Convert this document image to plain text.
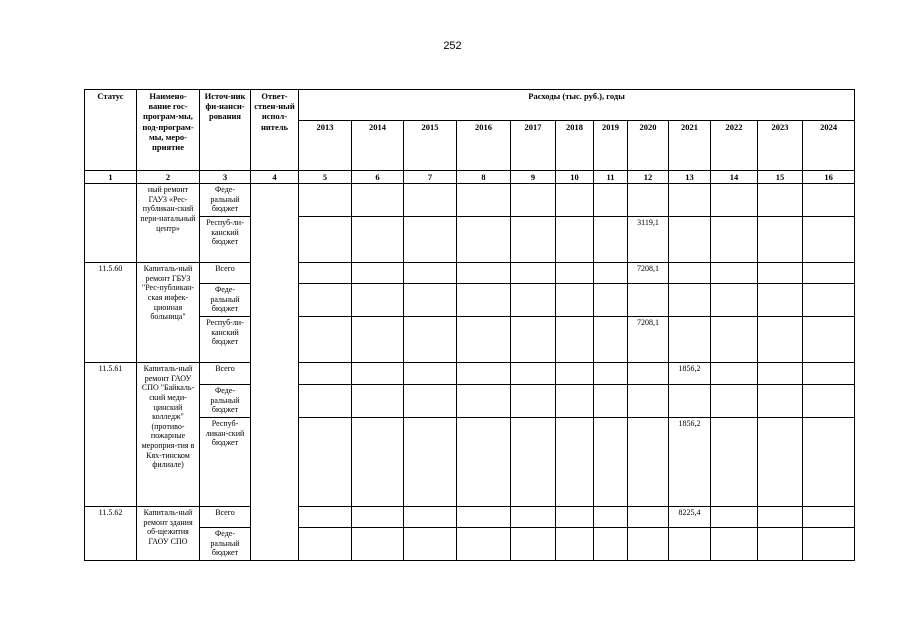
252
Статус	Наимено-вание гос-програм-мы, под-програм-мы, меро-приятие	Источ-ник фи-нанси-рования	Ответ-ствен-ный испол-нитель	Расходы (тыс. руб.), годы											
				2013	2014	2015	2016	2017	2018	2019	2020	2021	2022	2023	2024
1	2	3	4	5	6	7	8	9	10	11	12	13	14	15	16
	ный ремонт ГАУЗ «Рес-публикан-ский пери-натальный центр»	Феде-ральный бюджет													
		Респуб-ли-канский бюджет									3119,1				
11.5.60	Капиталь-ный ремонт ГБУЗ "Рес-публикан-ская инфек-ционная больница"	Всего									7208,1				
		Феде-ральный бюджет													
		Респуб-ли-канский бюджет									7208,1				
11.5.61	Капиталь-ный ремонт ГАОУ СПО "Байкаль-ский меди-цинский колледж" (противо-пожарные мероприя-тия в Кях-тинском филиале)	Всего										1856,2			
		Феде-ральный бюджет													
		Респуб-ликан-ский бюджет										1856,2			
11.5.62	Капиталь-ный ремонт здания об-щежития ГАОУ СПО	Всего										8225,4			
		Феде-ральный бюджет													
